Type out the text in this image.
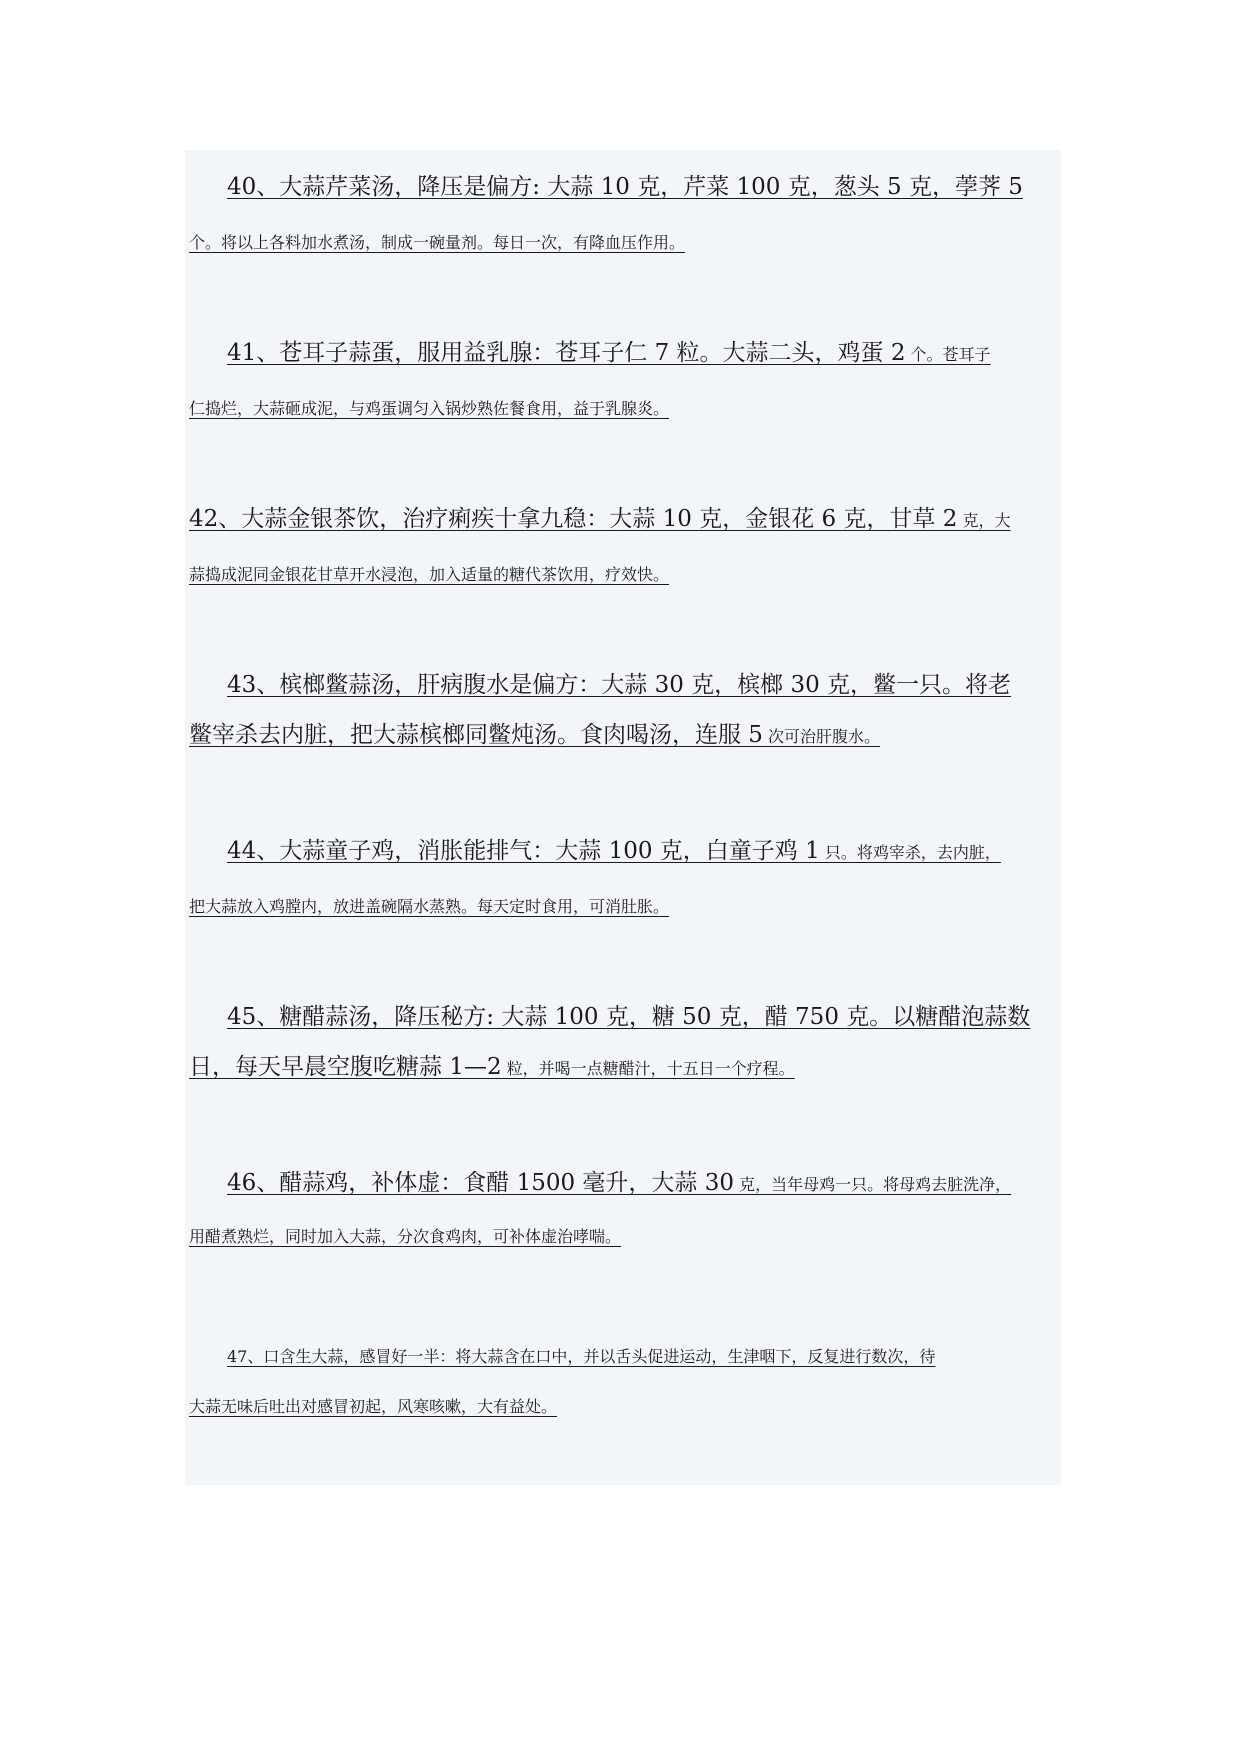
40、大蒜芹菜汤，降压是偏方: 大蒜 10 克，芹菜 100 克，葱头 5 克，荸荠 5
个。将以上各料加水煮汤，制成一碗量剂。每日一次，有降血压作用。
41、苍耳子蒜蛋，服用益乳腺：苍耳子仁 7 粒。大蒜二头，鸡蛋 2 个。苍耳子
仁捣烂，大蒜砸成泥，与鸡蛋调匀入锅炒熟佐餐食用，益于乳腺炎。
42、大蒜金银茶饮，治疗痢疾十拿九稳：大蒜 10 克，金银花 6 克，甘草 2 克，大
蒜捣成泥同金银花甘草开水浸泡，加入适量的糖代茶饮用，疗效快。
43、槟榔鳖蒜汤，肝病腹水是偏方：大蒜 30 克，槟榔 30 克，鳖一只。将老
鳖宰杀去内脏，把大蒜槟榔同鳖炖汤。食肉喝汤，连服 5 次可治肝腹水。
44、大蒜童子鸡，消胀能排气：大蒜 100 克，白童子鸡 1 只。将鸡宰杀，去内脏，
把大蒜放入鸡膛内，放进盖碗隔水蒸熟。每天定时食用，可消肚胀。
45、糖醋蒜汤，降压秘方: 大蒜 100 克，糖 50 克，醋 750 克。以糖醋泡蒜数
日，每天早晨空腹吃糖蒜 1—2 粒，并喝一点糖醋汁，十五日一个疗程。
46、醋蒜鸡，补体虚：食醋 1500 毫升，大蒜 30 克，当年母鸡一只。将母鸡去脏洗净，
用醋煮熟烂，同时加入大蒜，分次食鸡肉，可补体虚治哮喘。
47、口含生大蒜，感冒好一半：将大蒜含在口中，并以舌头促进运动，生津咽下，反复进行数次，待
大蒜无味后吐出对感冒初起，风寒咳嗽，大有益处。
